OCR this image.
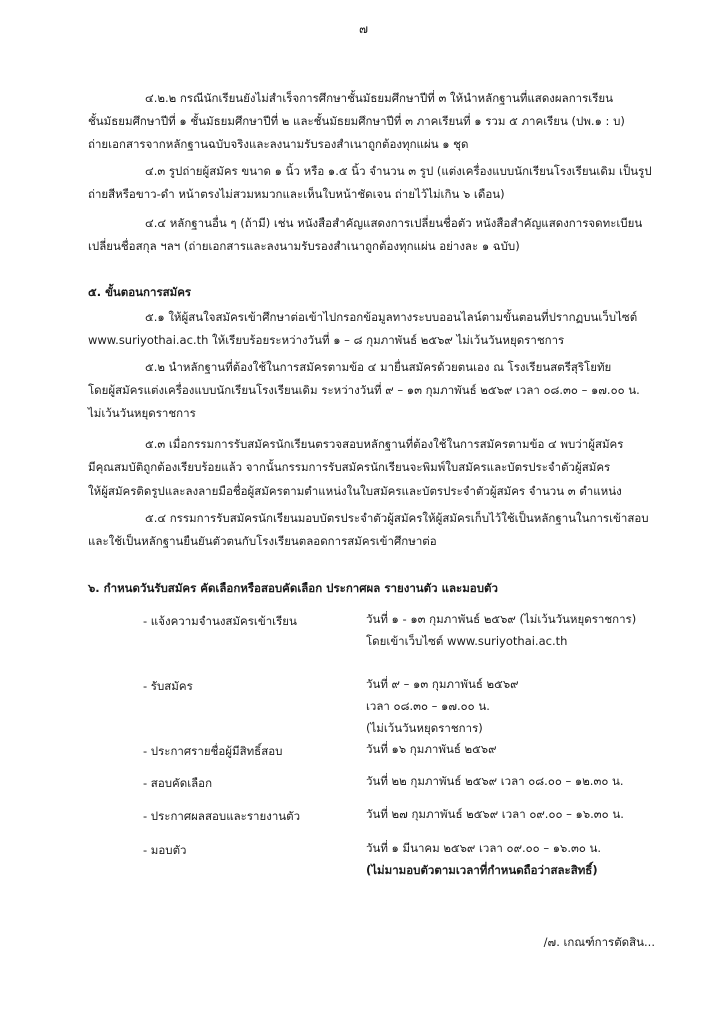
๗
๔.๒.๒ กรณีนักเรียนยังไม่สำเร็จการศึกษาชั้นมัธยมศึกษาปีที่ ๓ ให้นำหลักฐานที่แสดงผลการเรียน
ชั้นมัธยมศึกษาปีที่ ๑ ชั้นมัธยมศึกษาปีที่ ๒ และชั้นมัธยมศึกษาปีที่ ๓ ภาคเรียนที่ ๑ รวม ๕ ภาคเรียน (ปพ.๑ : บ)
ถ่ายเอกสารจากหลักฐานฉบับจริงและลงนามรับรองสำเนาถูกต้องทุกแผ่น ๑ ชุด
๔.๓ รูปถ่ายผู้สมัคร ขนาด ๑ นิ้ว หรือ ๑.๕ นิ้ว จำนวน ๓ รูป (แต่งเครื่องแบบนักเรียนโรงเรียนเดิม เป็นรูป
ถ่ายสีหรือขาว-ดำ หน้าตรงไม่สวมหมวกและเห็นใบหน้าชัดเจน ถ่ายไว้ไม่เกิน ๖ เดือน)
๔.๔ หลักฐานอื่น ๆ (ถ้ามี) เช่น หนังสือสำคัญแสดงการเปลี่ยนชื่อตัว หนังสือสำคัญแสดงการจดทะเบียน
เปลี่ยนชื่อสกุล ฯลฯ (ถ่ายเอกสารและลงนามรับรองสำเนาถูกต้องทุกแผ่น อย่างละ ๑ ฉบับ)
๕. ขั้นตอนการสมัคร
๕.๑ ให้ผู้สนใจสมัครเข้าศึกษาต่อเข้าไปกรอกข้อมูลทางระบบออนไลน์ตามขั้นตอนที่ปรากฏบนเว็บไซต์
www.suriyothai.ac.th ให้เรียบร้อยระหว่างวันที่ ๑ – ๘ กุมภาพันธ์ ๒๕๖๙ ไม่เว้นวันหยุดราชการ
๕.๒ นำหลักฐานที่ต้องใช้ในการสมัครตามข้อ ๔ มายื่นสมัครด้วยตนเอง ณ โรงเรียนสตรีสุริโยทัย
โดยผู้สมัครแต่งเครื่องแบบนักเรียนโรงเรียนเดิม ระหว่างวันที่ ๙ – ๑๓ กุมภาพันธ์ ๒๕๖๙ เวลา ๐๘.๓๐ – ๑๗.๐๐ น.
ไม่เว้นวันหยุดราชการ
๕.๓ เมื่อกรรมการรับสมัครนักเรียนตรวจสอบหลักฐานที่ต้องใช้ในการสมัครตามข้อ ๔ พบว่าผู้สมัคร
มีคุณสมบัติถูกต้องเรียบร้อยแล้ว จากนั้นกรรมการรับสมัครนักเรียนจะพิมพ์ใบสมัครและบัตรประจำตัวผู้สมัคร
ให้ผู้สมัครติดรูปและลงลายมือชื่อผู้สมัครตามตำแหน่งในใบสมัครและบัตรประจำตัวผู้สมัคร จำนวน ๓ ตำแหน่ง
๕.๔ กรรมการรับสมัครนักเรียนมอบบัตรประจำตัวผู้สมัครให้ผู้สมัครเก็บไว้ใช้เป็นหลักฐานในการเข้าสอบ
และใช้เป็นหลักฐานยืนยันตัวตนกับโรงเรียนตลอดการสมัครเข้าศึกษาต่อ
๖. กำหนดวันรับสมัคร คัดเลือกหรือสอบคัดเลือก ประกาศผล รายงานตัว และมอบตัว
- แจ้งความจำนงสมัครเข้าเรียน	วันที่ ๑ - ๑๓ กุมภาพันธ์ ๒๕๖๙ (ไม่เว้นวันหยุดราชการ)
โดยเข้าเว็บไซต์ www.suriyothai.ac.th
- รับสมัคร	วันที่ ๙ – ๑๓ กุมภาพันธ์ ๒๕๖๙
เวลา ๐๘.๓๐ – ๑๗.๐๐ น.
(ไม่เว้นวันหยุดราชการ)
- ประกาศรายชื่อผู้มีสิทธิ์สอบ	วันที่ ๑๖ กุมภาพันธ์ ๒๕๖๙
- สอบคัดเลือก	วันที่ ๒๒ กุมภาพันธ์ ๒๕๖๙ เวลา ๐๘.๐๐ – ๑๒.๓๐ น.
- ประกาศผลสอบและรายงานตัว	วันที่ ๒๗ กุมภาพันธ์ ๒๕๖๙ เวลา ๐๙.๐๐ – ๑๖.๓๐ น.
- มอบตัว	วันที่ ๑ มีนาคม ๒๕๖๙ เวลา ๐๙.๐๐ – ๑๖.๓๐ น.
(ไม่มามอบตัวตามเวลาที่กำหนดถือว่าสละสิทธิ์)
/๗. เกณฑ์การตัดสิน...
